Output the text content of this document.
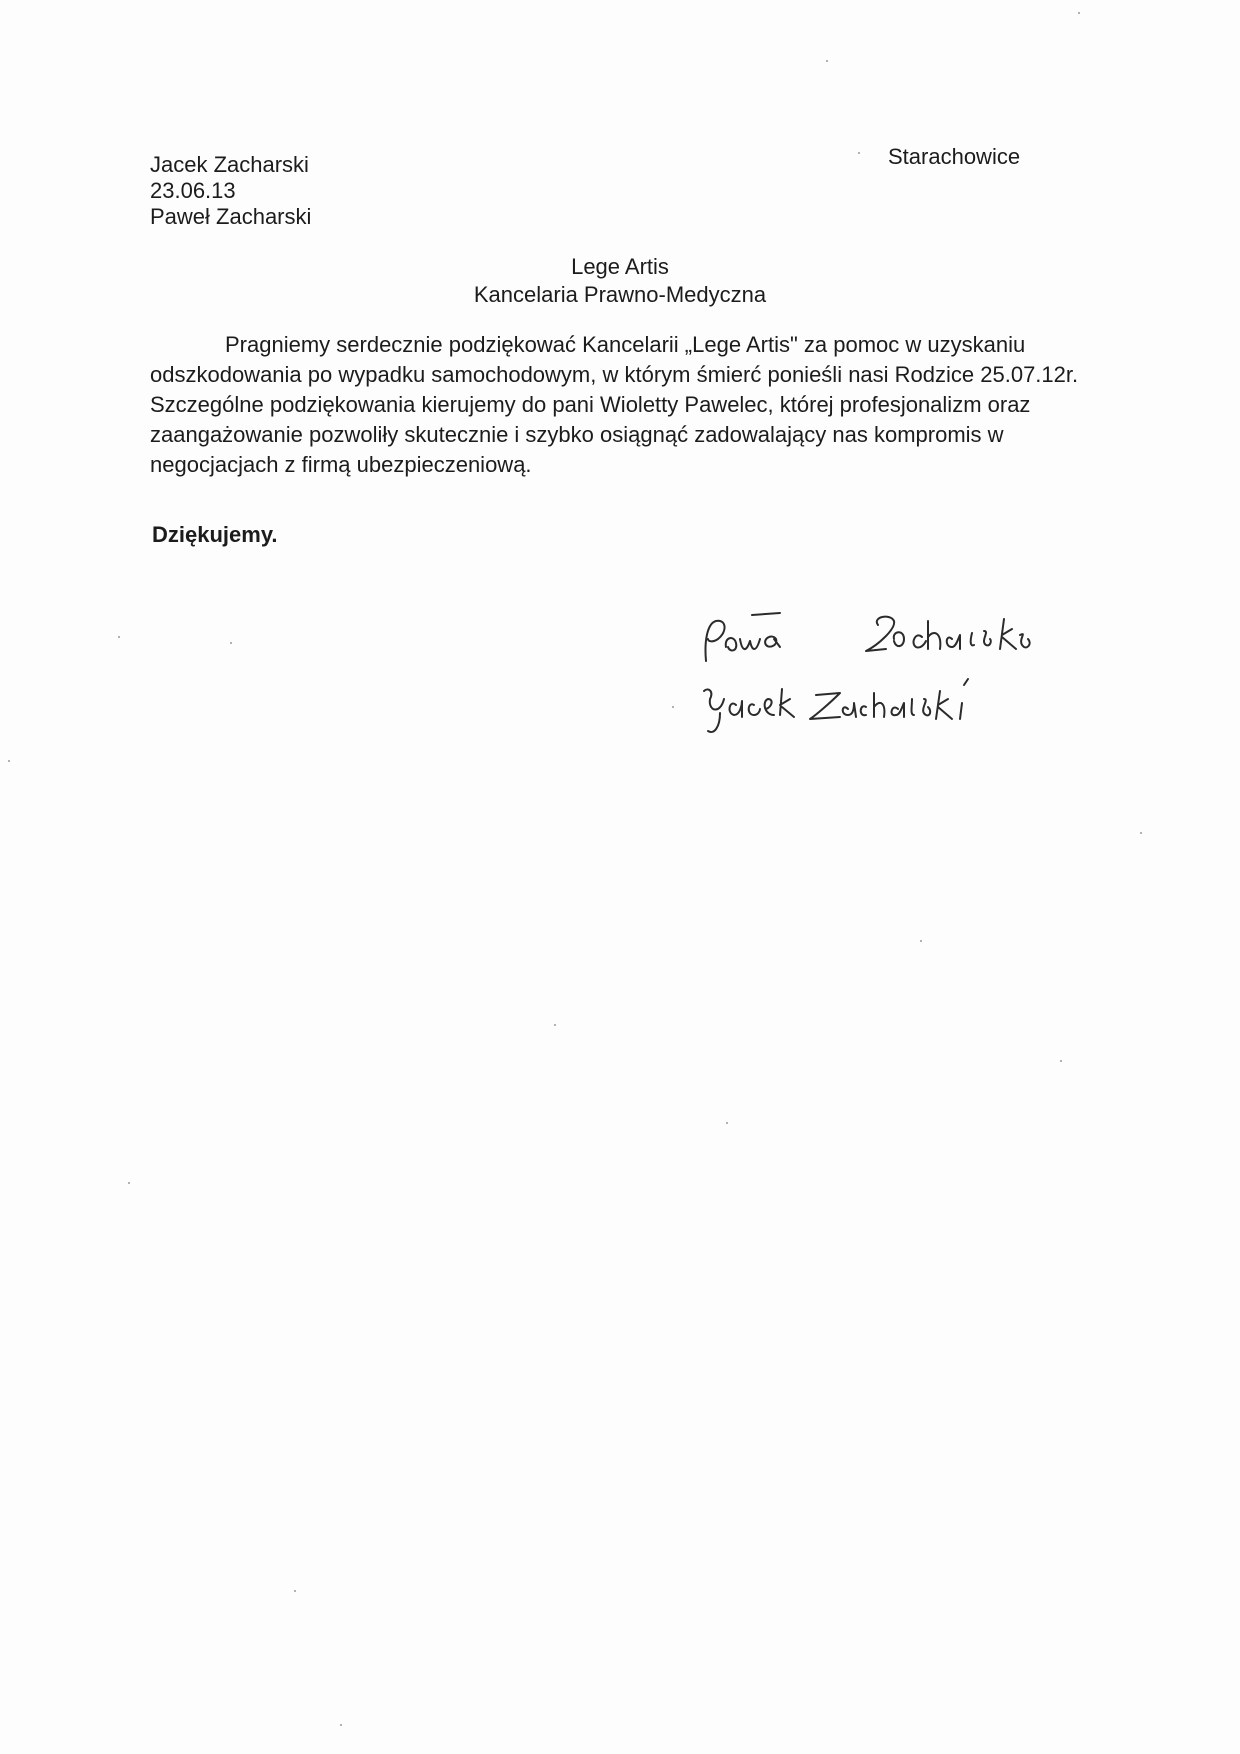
Jacek Zacharski
23.06.13
Paweł Zacharski
Starachowice
Lege Artis
Kancelaria Prawno-Medyczna

Pragniemy serdecznie podziękować Kancelarii „Lege Artis" za pomoc w uzyskaniu odszkodowania po wypadku samochodowym, w którym śmierć ponieśli nasi Rodzice 25.07.12r.

Szczególne podziękowania kierujemy do pani Wioletty Pawelec, której profesjonalizm oraz zaangażowanie pozwoliły skutecznie i szybko osiągnąć zadowalający nas kompromis w negocjacjach z firmą ubezpieczeniową.

Dziękujemy.
